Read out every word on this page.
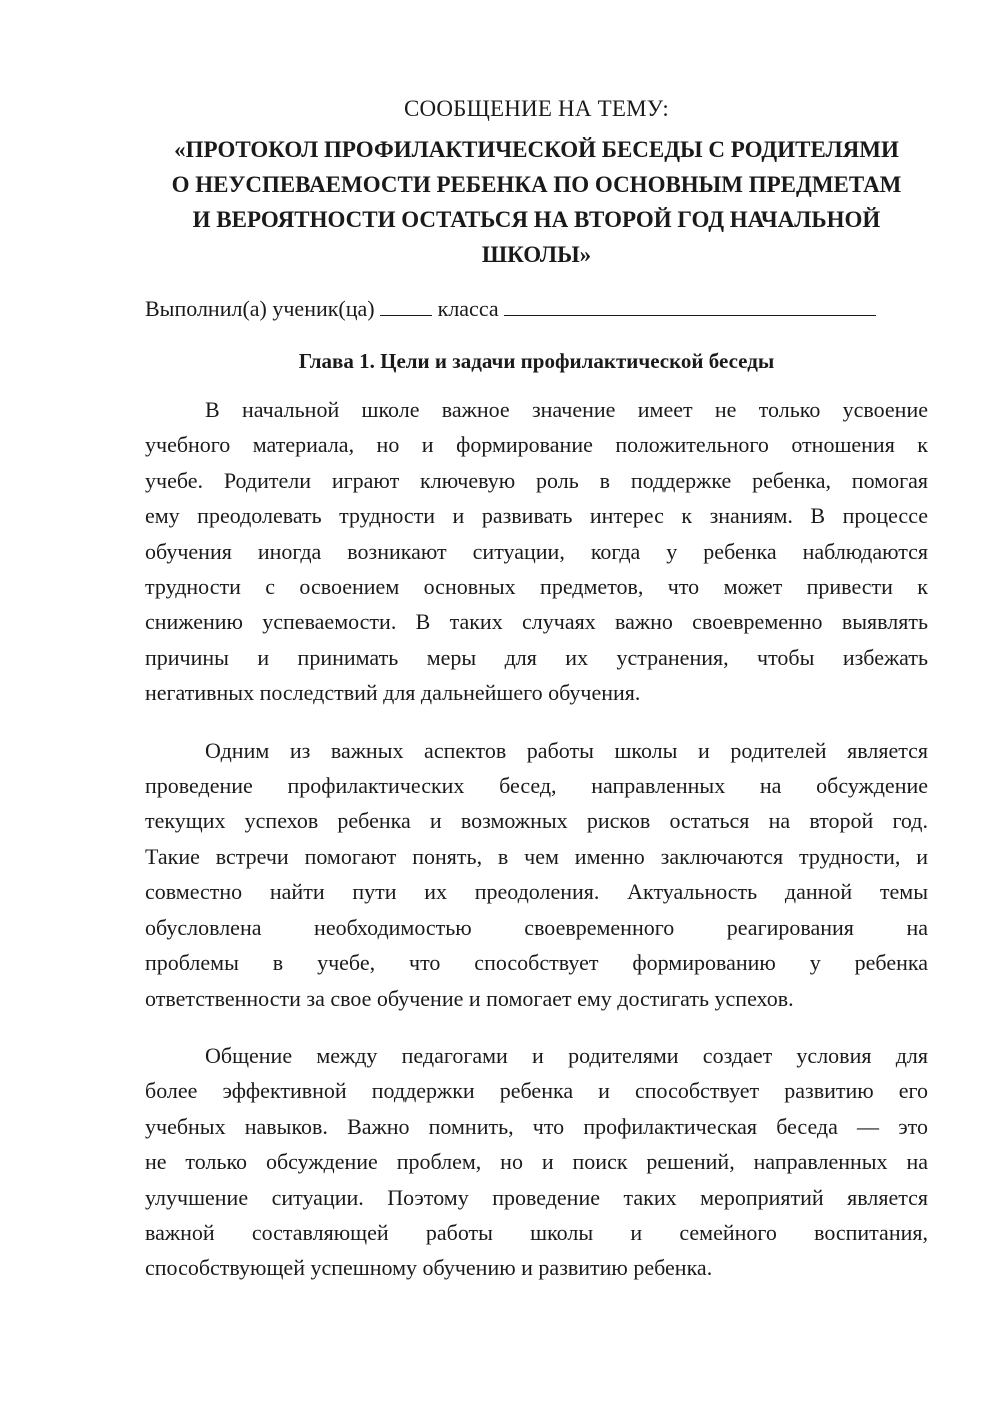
СООБЩЕНИЕ НА ТЕМУ:
«ПРОТОКОЛ ПРОФИЛАКТИЧЕСКОЙ БЕСЕДЫ С РОДИТЕЛЯМИ
О НЕУСПЕВАЕМОСТИ РЕБЕНКА ПО ОСНОВНЫМ ПРЕДМЕТАМ
И ВЕРОЯТНОСТИ ОСТАТЬСЯ НА ВТОРОЙ ГОД НАЧАЛЬНОЙ
ШКОЛЫ»
Выполнил(а) ученик(ца)	класса
Глава 1. Цели и задачи профилактической беседы
В начальной школе важное значение имеет не только усвоение
учебного материала, но и формирование положительного отношения к
учебе. Родители играют ключевую роль в поддержке ребенка, помогая
ему преодолевать трудности и развивать интерес к знаниям. В процессе
обучения иногда возникают ситуации, когда у ребенка наблюдаются
трудности с освоением основных предметов, что может привести к
снижению успеваемости. В таких случаях важно своевременно выявлять
причины и принимать меры для их устранения, чтобы избежать
негативных последствий для дальнейшего обучения.
Одним из важных аспектов работы школы и родителей является
проведение профилактических бесед, направленных на обсуждение
текущих успехов ребенка и возможных рисков остаться на второй год.
Такие встречи помогают понять, в чем именно заключаются трудности, и
совместно найти пути их преодоления. Актуальность данной темы
обусловлена необходимостью своевременного реагирования на
проблемы в учебе, что способствует формированию у ребенка
ответственности за свое обучение и помогает ему достигать успехов.
Общение между педагогами и родителями создает условия для
более эффективной поддержки ребенка и способствует развитию его
учебных навыков. Важно помнить, что профилактическая беседа — это
не только обсуждение проблем, но и поиск решений, направленных на
улучшение ситуации. Поэтому проведение таких мероприятий является
важной составляющей работы школы и семейного воспитания,
способствующей успешному обучению и развитию ребенка.
